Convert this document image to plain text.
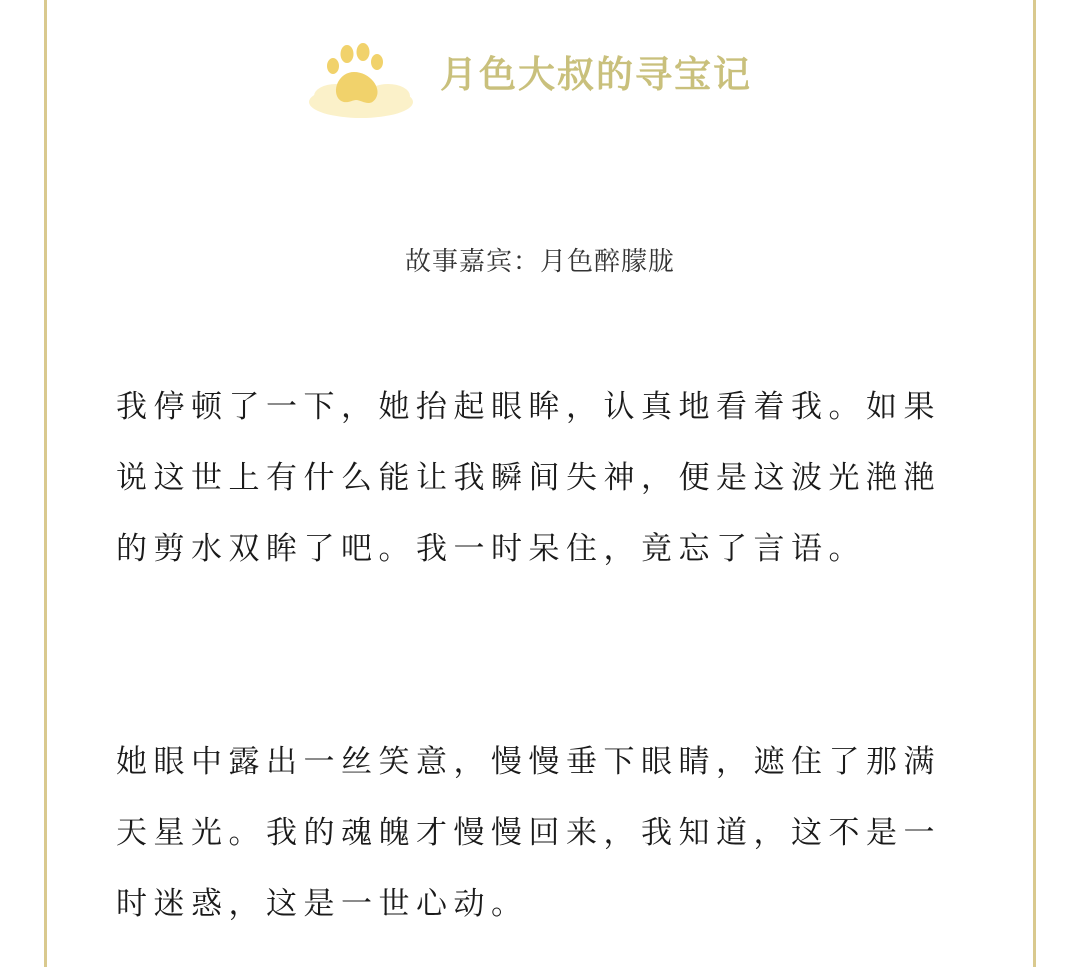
月色大叔的寻宝记
故事嘉宾：月色醉朦胧

我停顿了一下，她抬起眼眸，认真地看着我。如果说这世上有什么能让我瞬间失神，便是这波光滟滟的剪水双眸了吧。我一时呆住，竟忘了言语。

她眼中露出一丝笑意，慢慢垂下眼睛，遮住了那满天星光。我的魂魄才慢慢回来，我知道，这不是一时迷惑，这是一世心动。
